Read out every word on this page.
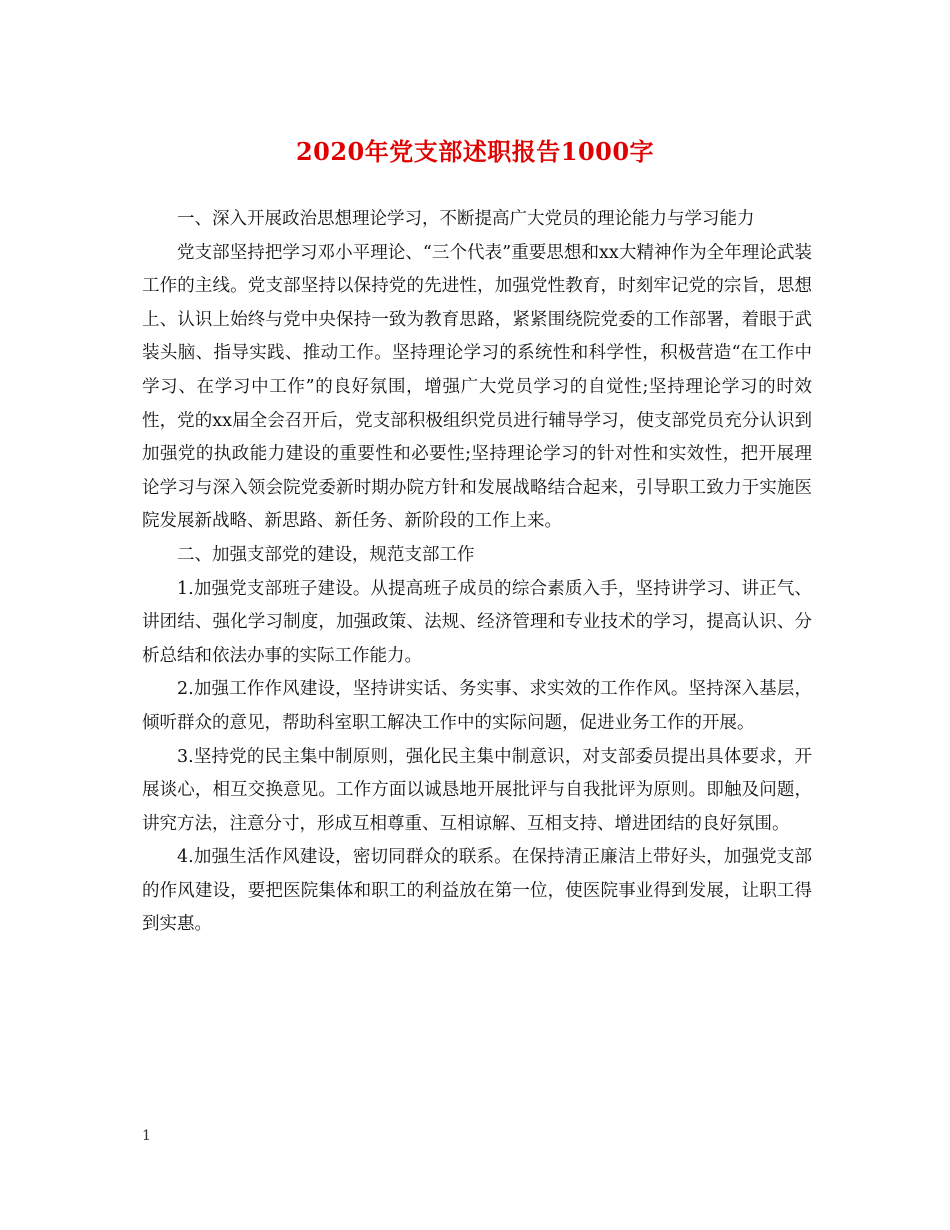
2020年党支部述职报告1000字

一、深入开展政治思想理论学习，不断提高广大党员的理论能力与学习能力

党支部坚持把学习邓小平理论、“三个代表”重要思想和xx大精神作为全年理论武装工作的主线。党支部坚持以保持党的先进性，加强党性教育，时刻牢记党的宗旨，思想上、认识上始终与党中央保持一致为教育思路，紧紧围绕院党委的工作部署，着眼于武装头脑、指导实践、推动工作。坚持理论学习的系统性和科学性，积极营造“在工作中学习、在学习中工作”的良好氛围，增强广大党员学习的自觉性;坚持理论学习的时效性，党的xx届全会召开后，党支部积极组织党员进行辅导学习，使支部党员充分认识到加强党的执政能力建设的重要性和必要性;坚持理论学习的针对性和实效性，把开展理论学习与深入领会院党委新时期办院方针和发展战略结合起来，引导职工致力于实施医院发展新战略、新思路、新任务、新阶段的工作上来。

二、加强支部党的建设，规范支部工作

1.加强党支部班子建设。从提高班子成员的综合素质入手，坚持讲学习、讲正气、讲团结、强化学习制度，加强政策、法规、经济管理和专业技术的学习，提高认识、分析总结和依法办事的实际工作能力。

2.加强工作作风建设，坚持讲实话、务实事、求实效的工作作风。坚持深入基层，倾听群众的意见，帮助科室职工解决工作中的实际问题，促进业务工作的开展。

3.坚持党的民主集中制原则，强化民主集中制意识，对支部委员提出具体要求，开展谈心，相互交换意见。工作方面以诚恳地开展批评与自我批评为原则。即触及问题，讲究方法，注意分寸，形成互相尊重、互相谅解、互相支持、增进团结的良好氛围。

4.加强生活作风建设，密切同群众的联系。在保持清正廉洁上带好头，加强党支部的作风建设，要把医院集体和职工的利益放在第一位，使医院事业得到发展，让职工得到实惠。

1
